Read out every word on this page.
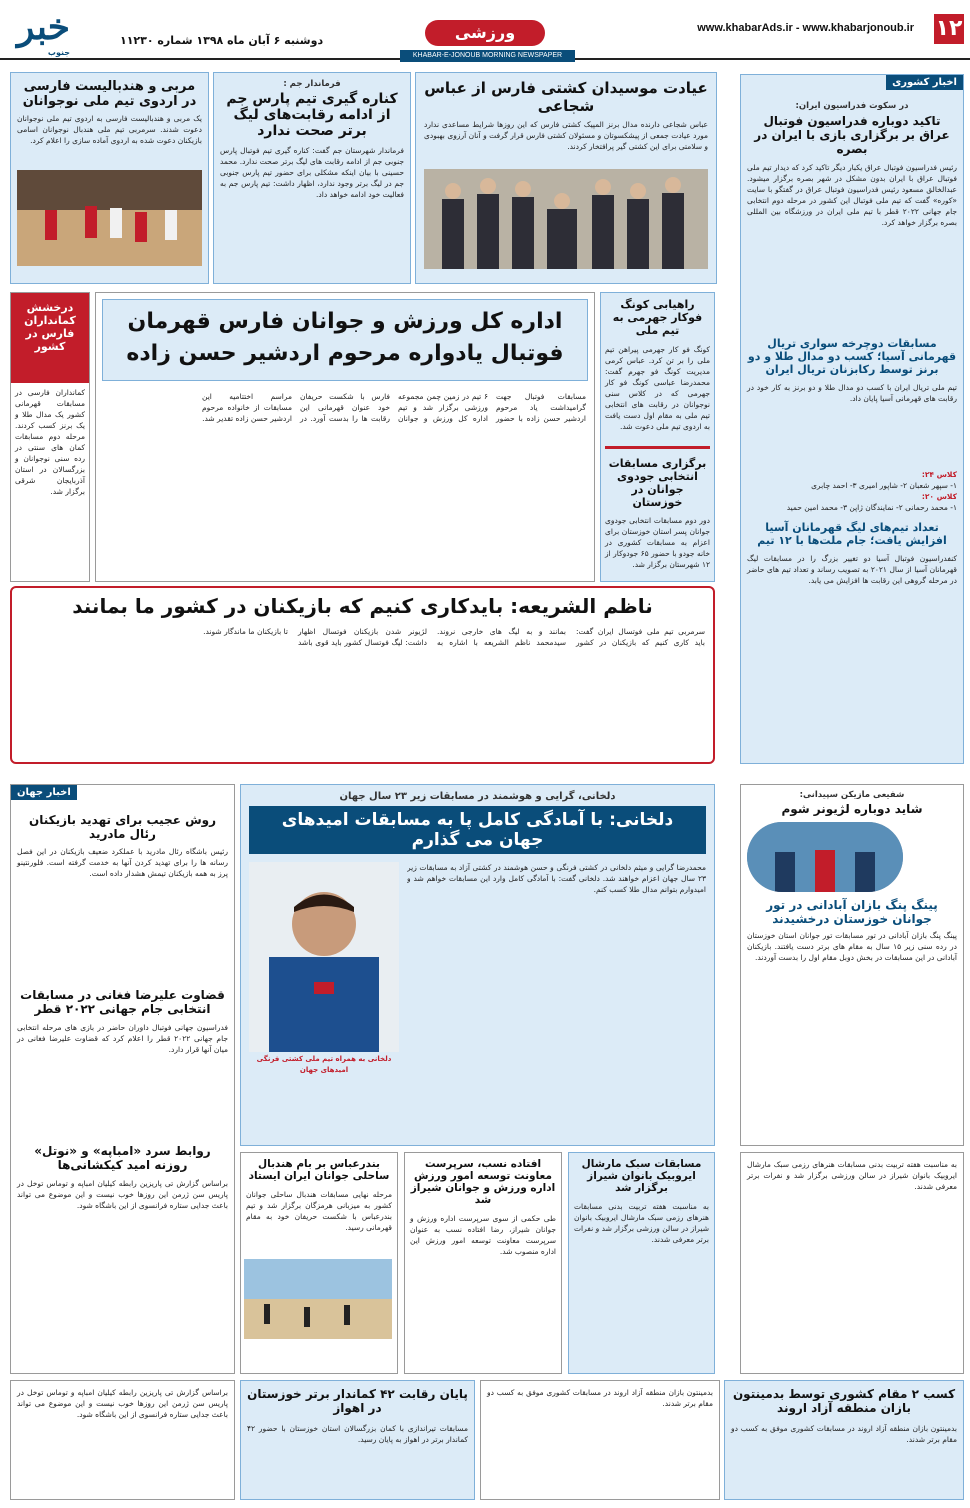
۱۲
www.khabarAds.ir - www.khabarjonoub.ir
ورزشی
KHABAR-E-JONOUB MORNING NEWSPAPER
خبر
جنوب
دوشنبه ۶ آبان ماه ۱۳۹۸ شماره ۱۱۲۳۰
اخبار کشوری
در سکوت فدراسیون ایران:
تاکید دوباره فدراسیون فوتبال عراق بر برگزاری بازی با ایران در بصره
رئیس فدراسیون فوتبال عراق یکبار دیگر تاکید کرد که دیدار تیم ملی فوتبال عراق با ایران بدون مشکل در شهر بصره برگزار میشود. عبدالخالق مسعود رئیس فدراسیون فوتبال عراق در گفتگو با سایت «کوره» گفت که تیم ملی فوتبال این کشور در مرحله دوم انتخابی جام جهانی ۲۰۲۲ قطر با تیم ملی ایران در ورزشگاه بین المللی بصره برگزار خواهد کرد.
مسابقات دوچرخه سواری تریال قهرمانی آسیا؛ کسب دو مدال طلا و دو برنز توسط رکابزنان تریال ایران
تیم ملی تریال ایران با کسب دو مدال طلا و دو برنز به کار خود در رقابت های قهرمانی آسیا پایان داد.
کلاس ۲۴:
۱- سپهر شعبان ۲- شاپور امیری ۳- احمد چابری
کلاس ۲۰:
۱- محمد رحمانی ۲- نمایندگان ژاپن ۳- محمد امین حمید
تعداد تیم‌های لیگ قهرمانان آسیا افزایش یافت؛ جام ملت‌ها با ۱۲ تیم
کنفدراسیون فوتبال آسیا دو تغییر بزرگ را در مسابقات لیگ قهرمانان آسیا از سال ۲۰۲۱ به تصویب رساند و تعداد تیم های حاضر در مرحله گروهی این رقابت ها افزایش می یابد.
عیادت موسیدان کشتی فارس از عباس شجاعی
عباس شجاعی دارنده مدال برنز المپیک کشتی فارس که این روزها شرایط مساعدی ندارد مورد عیادت جمعی از پیشکسوتان و مسئولان کشتی فارس قرار گرفت و آنان آرزوی بهبودی و سلامتی برای این کشتی گیر پرافتخار کردند.
فرماندار جم :
کناره گیری تیم پارس جم از ادامه رقابت‌های لیگ برتر صحت ندارد
فرماندار شهرستان جم گفت: کناره گیری تیم فوتبال پارس جنوبی جم از ادامه رقابت های لیگ برتر صحت ندارد. محمد حسینی با بیان اینکه مشکلی برای حضور تیم پارس جنوبی جم در لیگ برتر وجود ندارد، اظهار داشت: تیم پارس جم به فعالیت خود ادامه خواهد داد.
مربی و هندبالیست فارسی در اردوی تیم ملی نوجوانان
یک مربی و هندبالیست فارسی به اردوی تیم ملی نوجوانان دعوت شدند. سرمربی تیم ملی هندبال نوجوانان اسامی بازیکنان دعوت شده به اردوی آماده سازی را اعلام کرد.
اداره کل ورزش و جوانان فارس قهرمان
فوتبال یادواره مرحوم اردشیر حسن زاده
مسابقات فوتبال جهت گرامیداشت یاد مرحوم اردشیر حسن زاده با حضور ۶ تیم در زمین چمن مجموعه ورزشی برگزار شد و تیم اداره کل ورزش و جوانان فارس با شکست حریفان خود عنوان قهرمانی این رقابت ها را بدست آورد. در مراسم اختتامیه این مسابقات از خانواده مرحوم اردشیر حسن زاده تقدیر شد.
راهیابی کونگ فوکار جهرمی به تیم ملی
کونگ فو کار جهرمی پیراهن تیم ملی را بر تن کرد. عباس کرمی مدیریت کونگ فو جهرم گفت: محمدرضا عباسی کونگ فو کار جهرمی که در کلاس سنی نوجوانان در رقابت های انتخابی تیم ملی به مقام اول دست یافت به اردوی تیم ملی دعوت شد.
برگزاری مسابقات انتخابی جودوی جوانان در خوزستان
دور دوم مسابقات انتخابی جودوی جوانان پسر استان خوزستان برای اعزام به مسابقات کشوری در خانه جودو با حضور ۶۵ جودوکار از ۱۲ شهرستان برگزار شد.
درخشش کمانداران فارس در کشور
کمانداران فارسی در مسابقات قهرمانی کشور یک مدال طلا و یک برنز کسب کردند. مرحله دوم مسابقات کمان های سنتی در رده سنی نوجوانان و بزرگسالان در استان آذربایجان شرقی برگزار شد.
ناظم الشریعه: بایدکاری کنیم که بازیکنان در کشور ما بمانند
سرمربی تیم ملی فوتسال ایران گفت: باید کاری کنیم که بازیکنان در کشور بمانند و به لیگ های خارجی نروند. سیدمحمد ناظم الشریعه با اشاره به لژیونر شدن بازیکنان فوتسال اظهار داشت: لیگ فوتسال کشور باید قوی باشد تا بازیکنان ما ماندگار شوند.
اخبار جهان
روش عجیب برای تهدید بازیکنان رئال مادرید
رئیس باشگاه رئال مادرید با عملکرد ضعیف بازیکنان در این فصل رسانه ها را برای تهدید کردن آنها به خدمت گرفته است. فلورنتینو پرز به همه بازیکنان تیمش هشدار داده است.
قضاوت علیرضا فغانی در مسابقات انتخابی جام جهانی ۲۰۲۲ قطر
فدراسیون جهانی فوتبال داوران حاضر در بازی های مرحله انتخابی جام جهانی ۲۰۲۲ قطر را اعلام کرد که قضاوت علیرضا فغانی در میان آنها قرار دارد.
روابط سرد «امباپه» و «نوتل» روزنه امید کیکشانی‌ها
براساس گزارش تی پاریزین رابطه کیلیان امباپه و توماس توخل در پاریس سن ژرمن این روزها خوب نیست و این موضوع می تواند باعث جدایی ستاره فرانسوی از این باشگاه شود.
دلخانی، گرایی و هوشمند در مسابقات زیر ۲۳ سال جهان
دلخانی: با آمادگی کامل پا به مسابقات امیدهای جهان می گذارم
محمدرضا گرایی و میثم دلخانی در کشتی فرنگی و حسن هوشمند در کشتی آزاد به مسابقات زیر ۲۳ سال جهان اعزام خواهند شد. دلخانی گفت: با آمادگی کامل وارد این مسابقات خواهم شد و امیدوارم بتوانم مدال طلا کسب کنم.
دلخانی به همراه تیم ملی کشتی فرنگی امیدهای جهان
شفیعی مازیکن سپیدانی:
شاید دوباره لژیونر شوم
پینگ پنگ بازان آبادانی در تور جوانان خوزستان درخشیدند
پینگ پنگ بازان آبادانی در تور مسابقات تور جوانان استان خوزستان در رده سنی زیر ۱۵ سال به مقام های برتر دست یافتند. بازیکنان آبادانی در این مسابقات در بخش دوبل مقام اول را بدست آوردند.
بندرعباس بر بام هندبال ساحلی جوانان ایران ایستاد
مرحله نهایی مسابقات هندبال ساحلی جوانان کشور به میزبانی هرمزگان برگزار شد و تیم بندرعباس با شکست حریفان خود به مقام قهرمانی رسید.
افتاده نسب، سرپرست معاونت توسعه امور ورزش اداره ورزش و جوانان شیراز شد
طی حکمی از سوی سرپرست اداره ورزش و جوانان شیراز، رضا افتاده نسب به عنوان سرپرست معاونت توسعه امور ورزش این اداره منصوب شد.
مسابقات سبک مارشال ایروبیک بانوان شیراز برگزار شد
به مناسبت هفته تربیت بدنی مسابقات هنرهای رزمی سبک مارشال ایروبیک بانوان شیراز در سالن ورزشی برگزار شد و نفرات برتر معرفی شدند.
به مناسبت هفته تربیت بدنی مسابقات هنرهای رزمی سبک مارشال ایروبیک بانوان شیراز در سالن ورزشی برگزار شد و نفرات برتر معرفی شدند.
پایان رقابت ۴۲ کماندار برتر خوزستان در اهواز
مسابقات تیراندازی با کمان بزرگسالان استان خوزستان با حضور ۴۲ کماندار برتر در اهواز به پایان رسید.
کسب ۲ مقام کشوری توسط بدمینتون بازان منطقه آزاد اروند
بدمینتون بازان منطقه آزاد اروند در مسابقات کشوری موفق به کسب دو مقام برتر شدند.
براساس گزارش تی پاریزین رابطه کیلیان امباپه و توماس توخل در پاریس سن ژرمن این روزها خوب نیست و این موضوع می تواند باعث جدایی ستاره فرانسوی از این باشگاه شود.
بدمینتون بازان منطقه آزاد اروند در مسابقات کشوری موفق به کسب دو مقام برتر شدند.
